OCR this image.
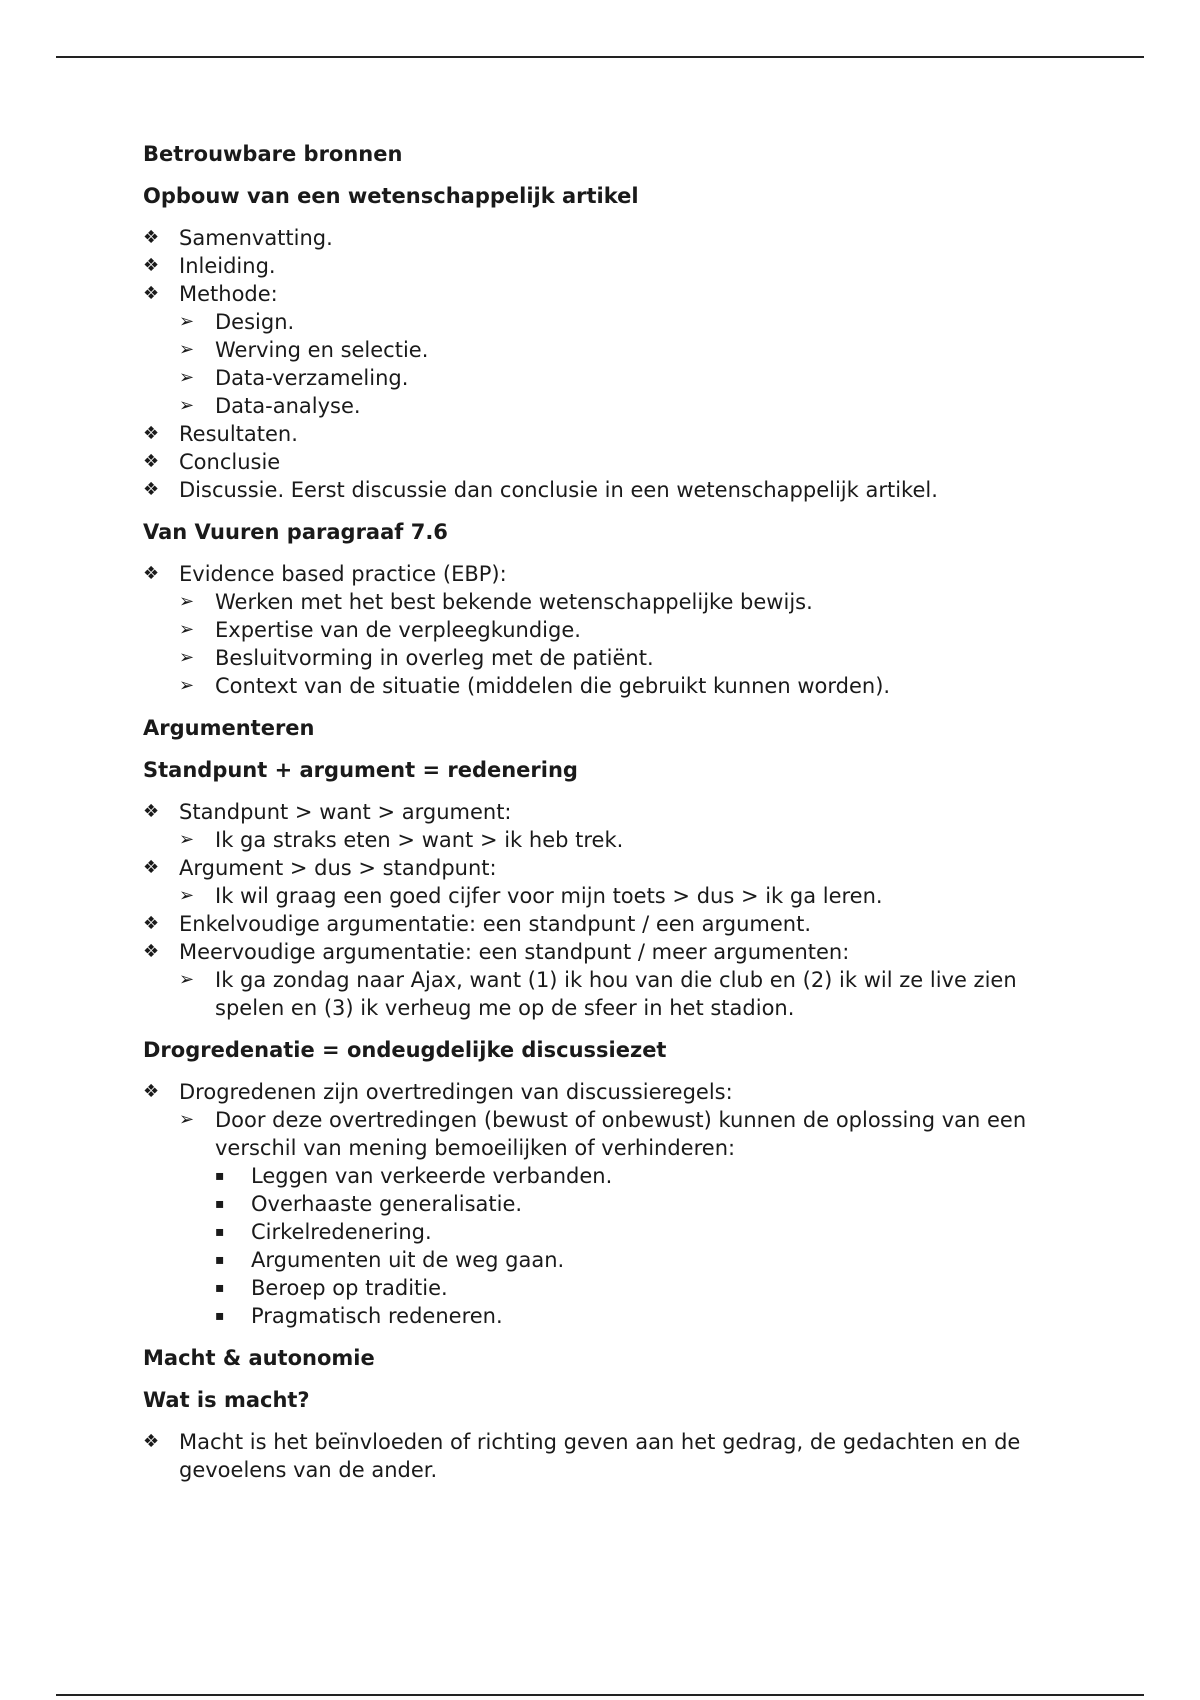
Betrouwbare bronnen
Opbouw van een wetenschappelijk artikel
❖ Samenvatting.
❖ Inleiding.
❖ Methode:
➢ Design.
➢ Werving en selectie.
➢ Data-verzameling.
➢ Data-analyse.
❖ Resultaten.
❖ Conclusie
❖ Discussie. Eerst discussie dan conclusie in een wetenschappelijk artikel.
Van Vuuren paragraaf 7.6
❖ Evidence based practice (EBP):
➢ Werken met het best bekende wetenschappelijke bewijs.
➢ Expertise van de verpleegkundige.
➢ Besluitvorming in overleg met de patiënt.
➢ Context van de situatie (middelen die gebruikt kunnen worden).
Argumenteren
Standpunt + argument = redenering
❖ Standpunt > want > argument:
➢ Ik ga straks eten > want > ik heb trek.
❖ Argument > dus > standpunt:
➢ Ik wil graag een goed cijfer voor mijn toets > dus > ik ga leren.
❖ Enkelvoudige argumentatie: een standpunt / een argument.
❖ Meervoudige argumentatie: een standpunt / meer argumenten:
➢ Ik ga zondag naar Ajax, want (1) ik hou van die club en (2) ik wil ze live zien spelen en (3) ik verheug me op de sfeer in het stadion.
Drogredenatie = ondeugdelijke discussiezet
❖ Drogredenen zijn overtredingen van discussieregels:
➢ Door deze overtredingen (bewust of onbewust) kunnen de oplossing van een verschil van mening bemoeilijken of verhinderen:
▪	Leggen van verkeerde verbanden.
▪	Overhaaste generalisatie.
▪	Cirkelredenering.
▪	Argumenten uit de weg gaan.
▪	Beroep op traditie.
▪	Pragmatisch redeneren.
Macht & autonomie
Wat is macht?
❖ Macht is het beïnvloeden of richting geven aan het gedrag, de gedachten en de gevoelens van de ander.
